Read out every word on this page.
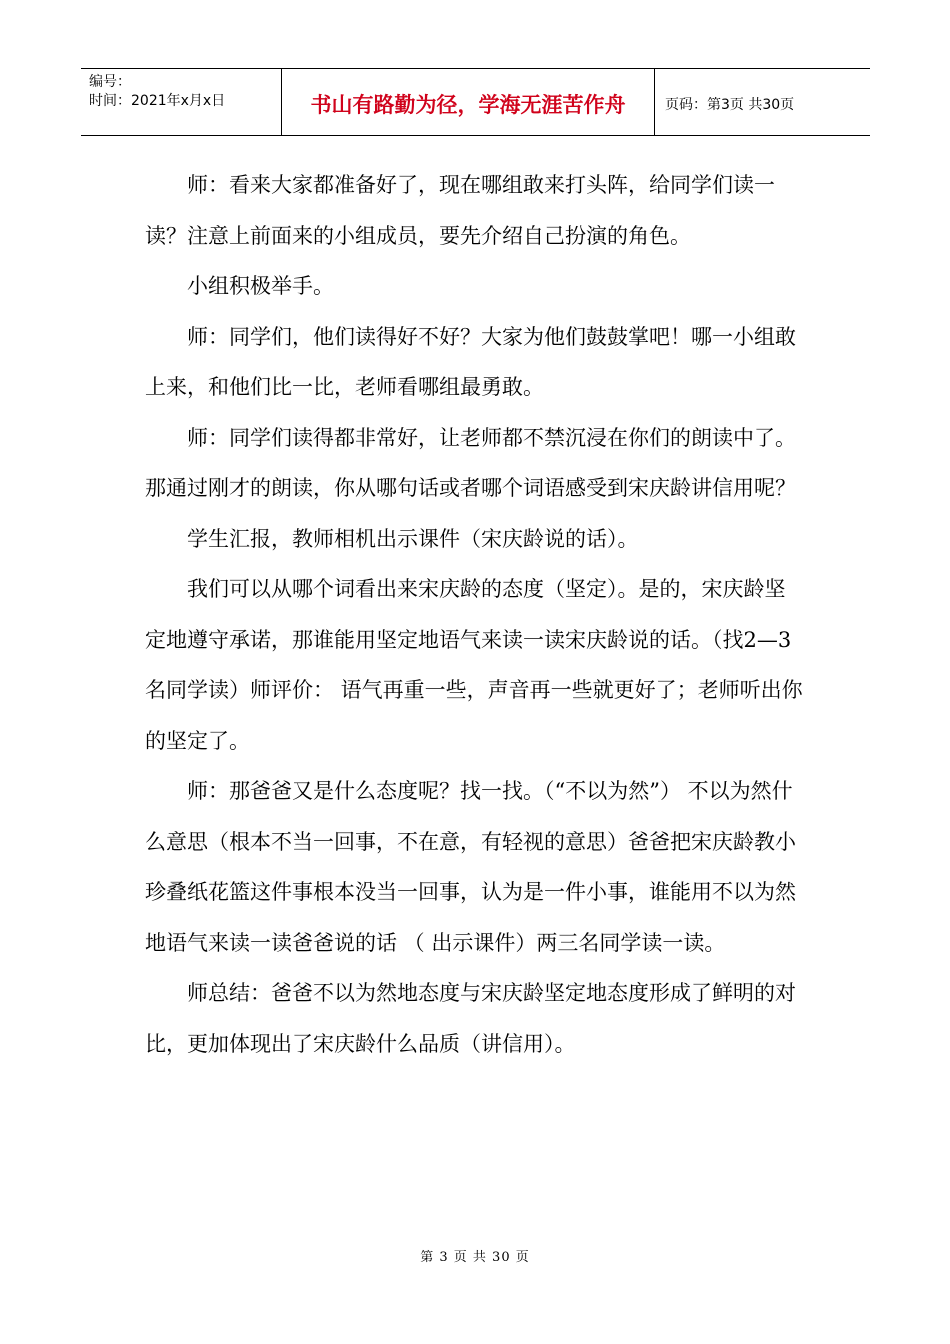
编号：
时间：2021年x月x日	书山有路勤为径，学海无涯苦作舟	页码：第3页 共30页

师：看来大家都准备好了，现在哪组敢来打头阵，给同学们读一读？注意上前面来的小组成员，要先介绍自己扮演的角色。

小组积极举手。

师：同学们，他们读得好不好？大家为他们鼓鼓掌吧！哪一小组敢上来，和他们比一比，老师看哪组最勇敢。

师：同学们读得都非常好，让老师都不禁沉浸在你们的朗读中了。那通过刚才的朗读，你从哪句话或者哪个词语感受到宋庆龄讲信用呢？

学生汇报，教师相机出示课件（宋庆龄说的话）。

我们可以从哪个词看出来宋庆龄的态度（坚定）。是的，宋庆龄坚定地遵守承诺，那谁能用坚定地语气来读一读宋庆龄说的话。（找2—3名同学读）师评价： 语气再重一些，声音再一些就更好了；老师听出你的坚定了。

师：那爸爸又是什么态度呢？找一找。（“不以为然”） 不以为然什么意思（根本不当一回事，不在意，有轻视的意思）爸爸把宋庆龄教小珍叠纸花篮这件事根本没当一回事，认为是一件小事，谁能用不以为然地语气来读一读爸爸说的话 （ 出示课件）两三名同学读一读。

师总结：爸爸不以为然地态度与宋庆龄坚定地态度形成了鲜明的对比，更加体现出了宋庆龄什么品质（讲信用）。

第 3 页 共 30 页
